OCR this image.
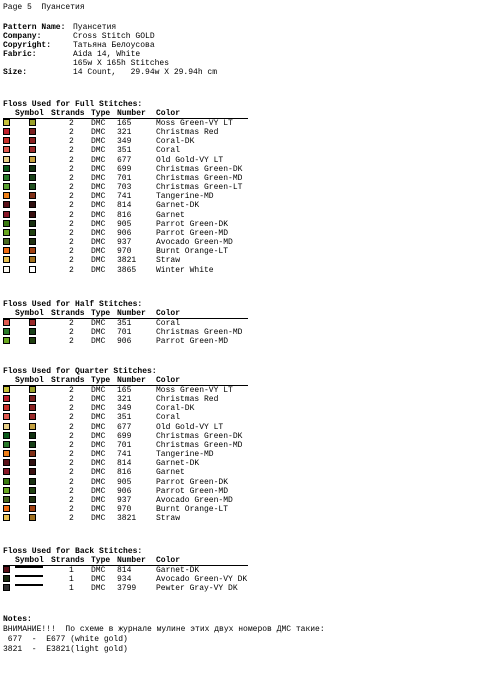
Page 5  Пуансетия
Pattern Name: Пуансетия
Company:	Cross Stitch GOLD
Copyright:	Татьяна Белоусова
Fabric:	Aida 14, White
165w X 165h Stitches
Size:	14 Count,   29.94w X 29.94h cm
Floss Used for Full Stitches:
Symbol Strands Type Number Color
2 DMC 165	Moss Green-VY LT
2 DMC 321	Christmas Red
2 DMC 349	Coral-DK
2 DMC 351	Coral
2 DMC 677	Old Gold-VY LT
2 DMC 699	Christmas Green-DK
2 DMC 701	Christmas Green-MD
2 DMC 703	Christmas Green-LT
2 DMC 741	Tangerine-MD
2 DMC 814	Garnet-DK
2 DMC 816	Garnet
2 DMC 905	Parrot Green-DK
2 DMC 906	Parrot Green-MD
2 DMC 937	Avocado Green-MD
2 DMC 970	Burnt Orange-LT
2 DMC 3821 Straw
2 DMC 3865 Winter White
Floss Used for Half Stitches:
Symbol Strands Type Number Color
2 DMC 351	Coral
2 DMC 701	Christmas Green-MD
2 DMC 906	Parrot Green-MD
Floss Used for Quarter Stitches:
Symbol Strands Type Number Color
2 DMC 165	Moss Green-VY LT
2 DMC 321	Christmas Red
2 DMC 349	Coral-DK
2 DMC 351	Coral
2 DMC 677	Old Gold-VY LT
2 DMC 699	Christmas Green-DK
2 DMC 701	Christmas Green-MD
2 DMC 741	Tangerine-MD
2 DMC 814	Garnet-DK
2 DMC 816	Garnet
2 DMC 905	Parrot Green-DK
2 DMC 906	Parrot Green-MD
2 DMC 937	Avocado Green-MD
2 DMC 970	Burnt Orange-LT
2 DMC 3821 Straw
Floss Used for Back Stitches:
Symbol Strands Type Number Color
1 DMC 814	Garnet-DK
1 DMC 934	Avocado Green-VY DK
1 DMC 3799 Pewter Gray-VY DK
Notes:
ВНИМАНИЕ!!!  По схеме в журнале мулине этих двух номеров ДМС такие:
677  -  E677 (white gold)
3821  -  E3821(light gold)
